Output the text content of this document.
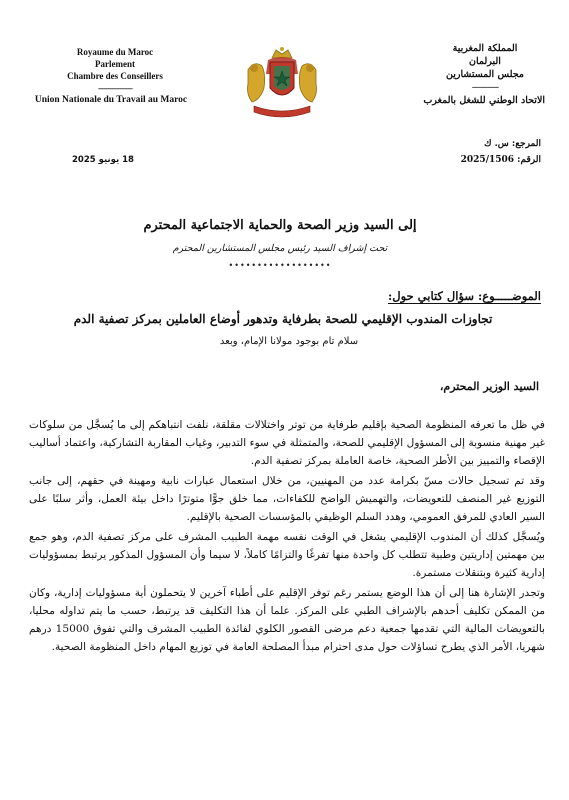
Royaume du Maroc
Parlement
Chambre des Conseillers
-----------------
Union Nationale du Travail au Maroc
المملكة المغربية
البرلمان
مجلس المستشارين
------------
الاتحاد الوطني للشغل بالمغرب
المرجع: س. ك
الرقم: 2025/1506
18 يونيو 2025
إلى السيد وزير الصحة والحماية الاجتماعية المحترم
تحت إشراف السيد رئيس مجلس المستشارين المحترم
••••••••••••••••••
الموضـــــوع: سؤال كتابي حول:
تجاوزات المندوب الإقليمي للصحة بطرفاية وتدهور أوضاع العاملين بمركز تصفية الدم
سلام تام بوجود مولانا الإمام، وبعد
السيد الوزير المحترم،

في ظل ما تعرفه المنظومة الصحية بإقليم طرفاية من توتر واختلالات مقلقة، نلفت انتباهكم إلى ما يُسجَّل من سلوكات غير مهنية منسوبة إلى المسؤول الإقليمي للصحة، والمتمثلة في سوء التدبير، وغياب المقاربة التشاركية، واعتماد أساليب الإقصاء والتمييز بين الأطر الصحية، خاصة العاملة بمركز تصفية الدم.

وقد تم تسجيل حالات مسّ بكرامة عدد من المهنيين، من خلال استعمال عبارات نابية ومهينة في حقهم، إلى جانب التوزيع غير المنصف للتعويضات، والتهميش الواضح للكفاءات، مما خلق جوًّا متوترًا داخل بيئة العمل، وأثر سلبًا على السير العادي للمرفق العمومي، وهدد السلم الوظيفي بالمؤسسات الصحية بالإقليم.

ويُسجَّل كذلك أن المندوب الإقليمي يشغل في الوقت نفسه مهمة الطبيب المشرف على مركز تصفية الدم، وهو جمع بين مهمتين إداريتين وطبية تتطلب كل واحدة منها تفرغًا والتزامًا كاملاً، لا سيما وأن المسؤول المذكور يرتبط بمسؤوليات إدارية كثيرة وبتنقلات مستمرة.

وتجدر الإشارة هنا إلى أن هذا الوضع يستمر رغم توفر الإقليم على أطباء آخرين لا يتحملون أية مسؤوليات إدارية، وكان من الممكن تكليف أحدهم بالإشراف الطبي على المركز. علما أن هذا التكليف قد يرتبط، حسب ما يتم تداوله محليا، بالتعويضات المالية التي تقدمها جمعية دعم مرضى القصور الكلوي لفائدة الطبيب المشرف والتي تفوق 15000 درهم شهريا، الأمر الذي يطرح تساؤلات حول مدى احترام مبدأ المصلحة العامة في توزيع المهام داخل المنظومة الصحية.
